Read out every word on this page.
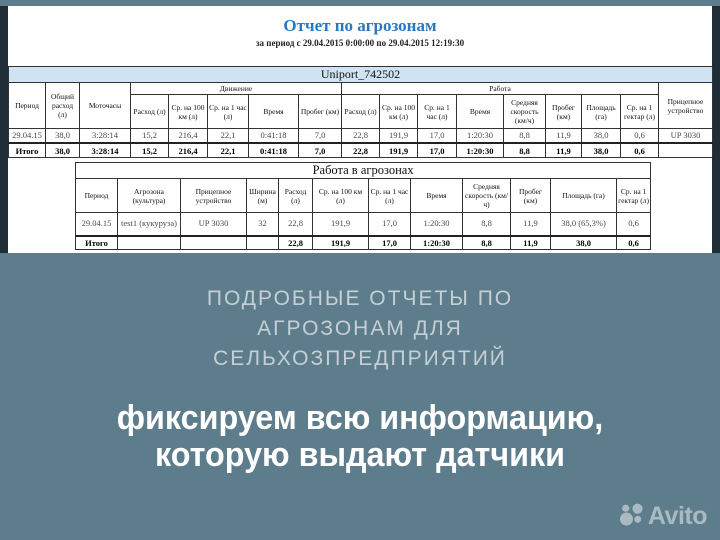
Отчет по агрозонам
за период с 29.04.2015 0:00:00 по 29.04.2015 12:19:30
Uniport_742502																
Период	Общий расход (л)	Моточасы	Движение					Работа								Прицепное устройство
			Расход (л)	Ср. на 100 км (л)	Ср. на 1 час (л)	Время	Пробег (км)	Расход (л)	Ср. на 100 км (л)	Ср. на 1 час (л)	Время	Средняя скорость (км/ч)	Пробег (км)	Площадь (га)	Ср. на 1 гектар (л)	
29.04.15	38,0	3:28:14	15,2	216,4	22,1	0:41:18	7,0	22,8	191,9	17,0	1:20:30	8,8	11,9	38,0	0,6	UP 3030
Итого	38,0	3:28:14	15,2	216,4	22,1	0:41:18	7,0	22,8	191,9	17,0	1:20:30	8,8	11,9	38,0	0,6	
Работа в агрозонах											
Период	Агрозона (культура)	Прицепное устройство	Ширина (м)	Расход (л)	Ср. на 100 км (л)	Ср. на 1 час (л)	Время	Средняя скорость (км/ч)	Пробег (км)	Площадь (га)	Ср. на 1 гектар (л)
29.04.15	test1 (кукуруза)	UP 3030	32	22,8	191,9	17,0	1:20:30	8,8	11,9	38,0 (65,3%)	0,6
Итого				22,8	191,9	17,0	1:20:30	8,8	11,9	38,0	0,6
ПОДРОБНЫЕ ОТЧЕТЫ ПО
АГРОЗОНАМ ДЛЯ
СЕЛЬХОЗПРЕДПРИЯТИЙ
фиксируем всю информацию,
которую выдают датчики
Avito
